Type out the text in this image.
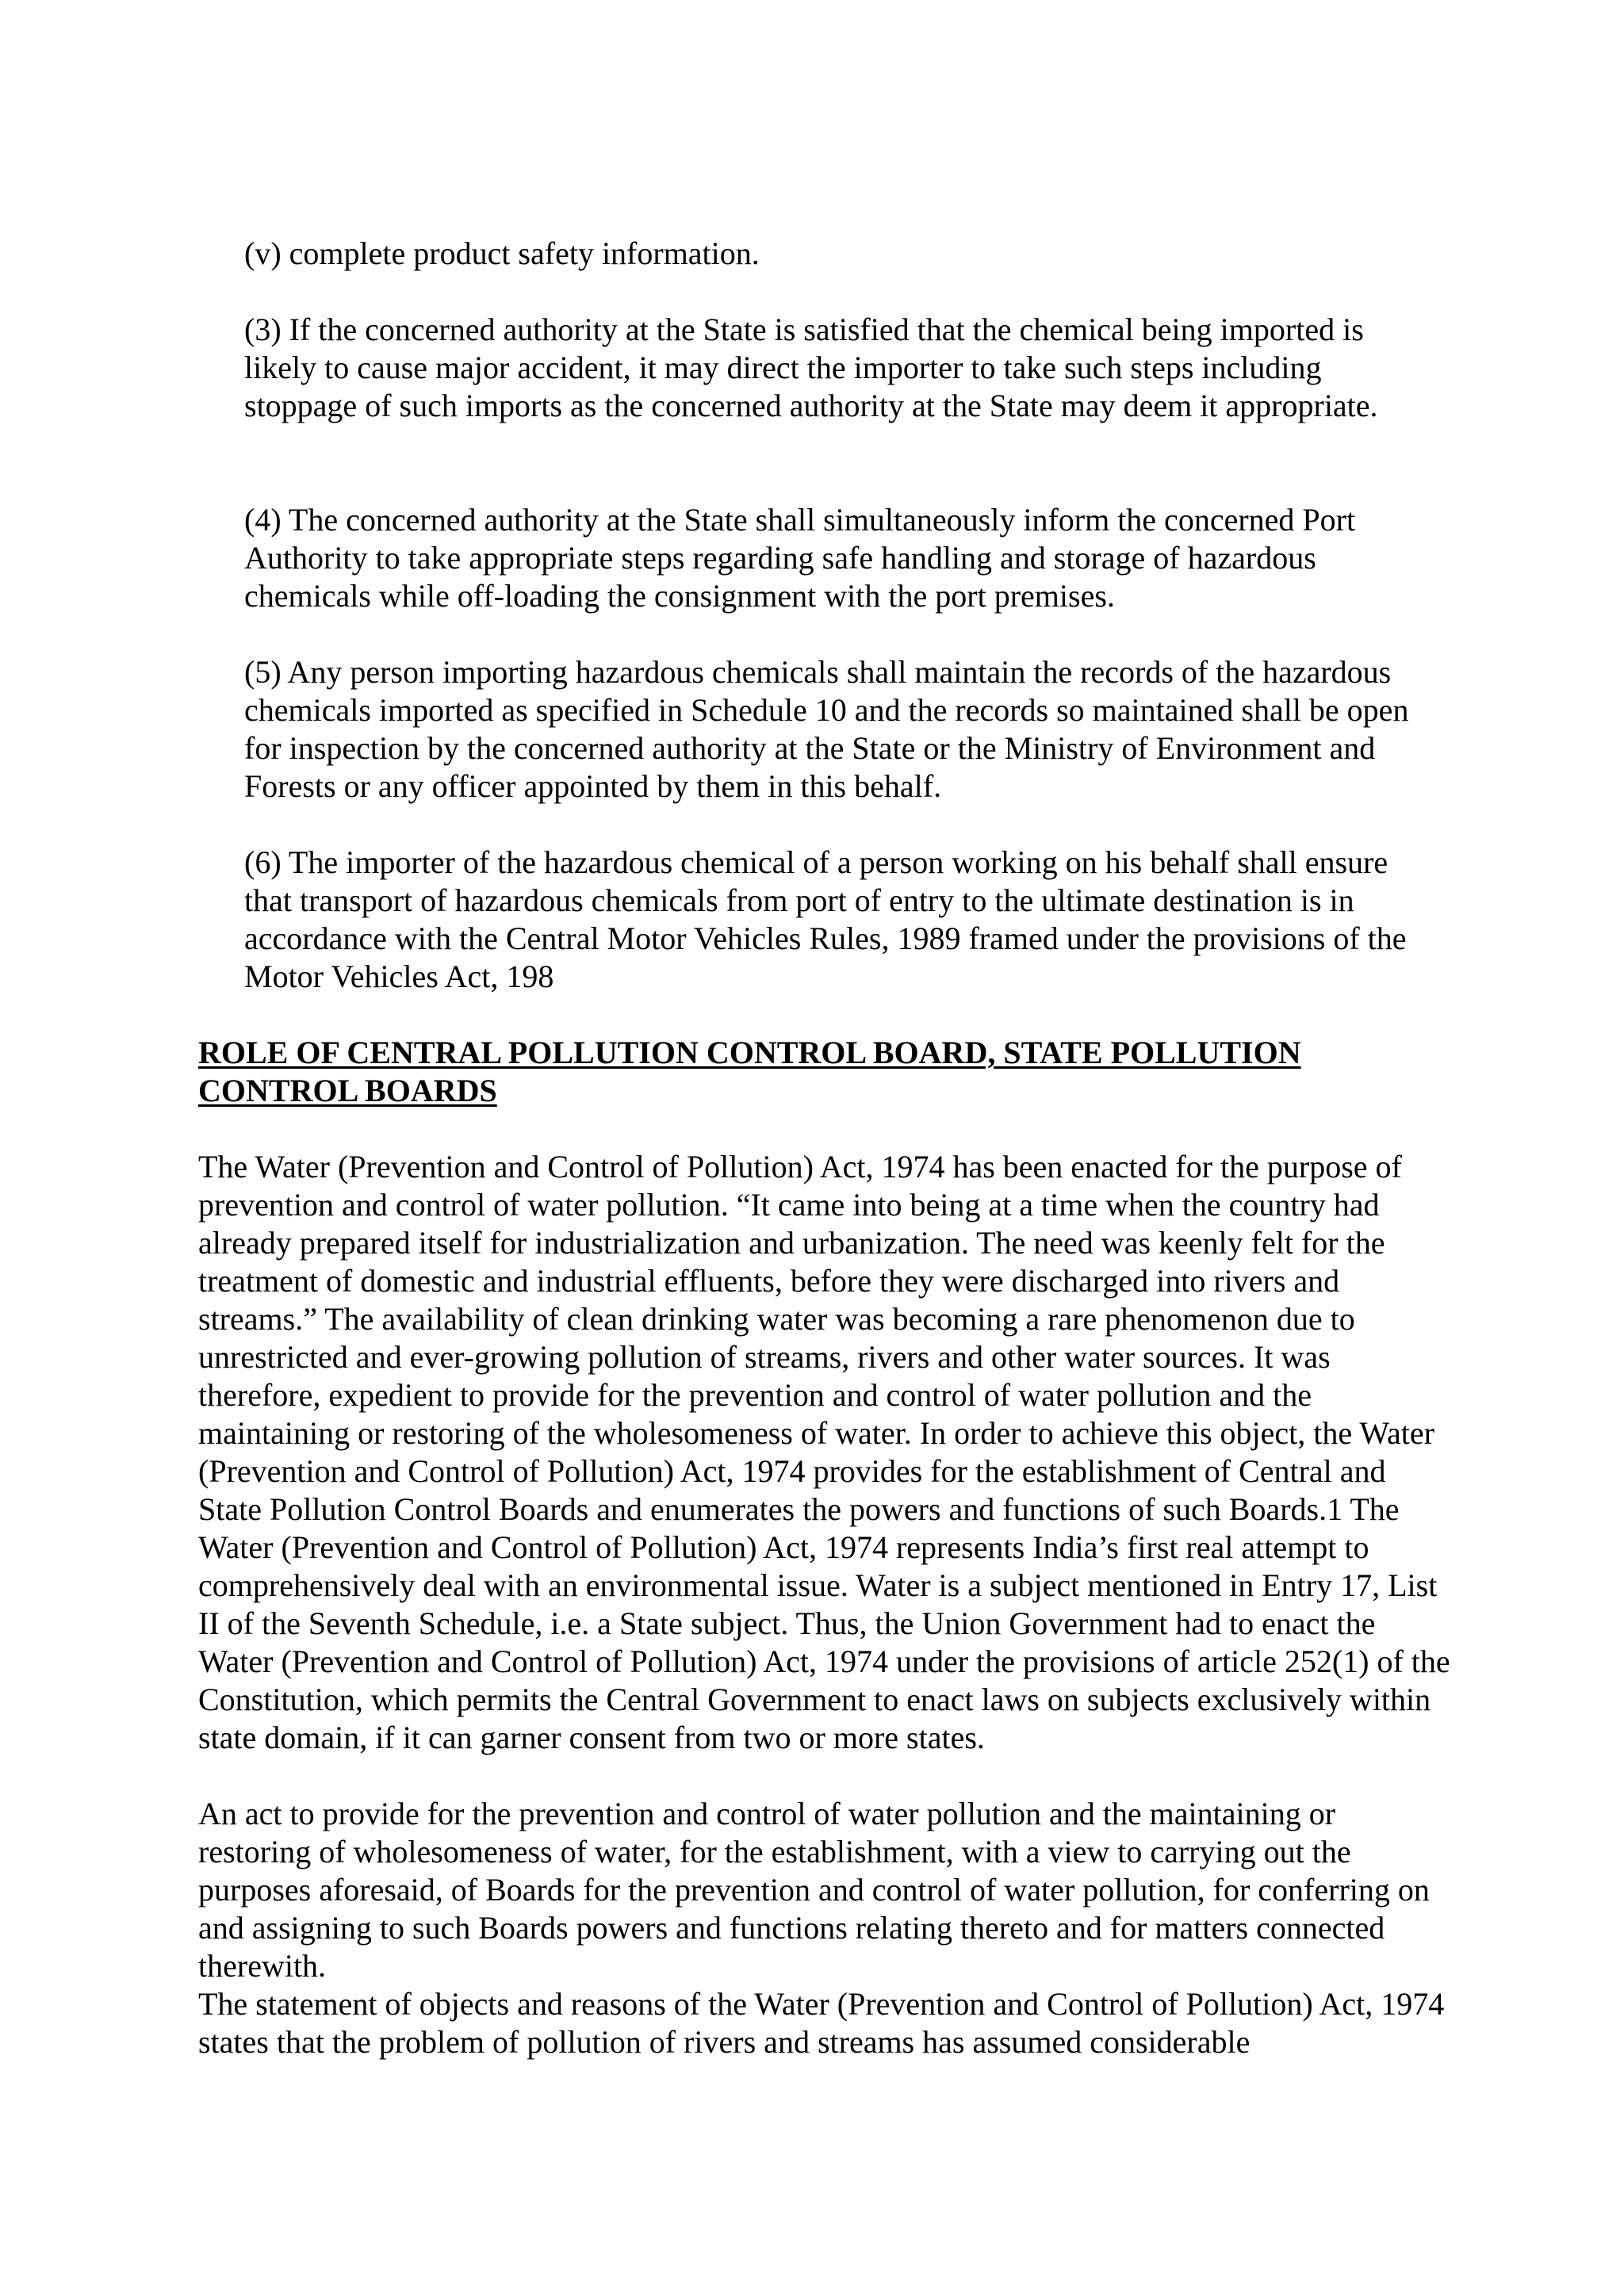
(v) complete product safety information.

(3) If the concerned authority at the State is satisfied that the chemical being imported is likely to cause major accident, it may direct the importer to take such steps including stoppage of such imports as the concerned authority at the State may deem it appropriate.

(4) The concerned authority at the State shall simultaneously inform the concerned Port Authority to take appropriate steps regarding safe handling and storage of hazardous chemicals while off-loading the consignment with the port premises.

(5) Any person importing hazardous chemicals shall maintain the records of the hazardous chemicals imported as specified in Schedule 10 and the records so maintained shall be open for inspection by the concerned authority at the State or the Ministry of Environment and Forests or any officer appointed by them in this behalf.

(6) The importer of the hazardous chemical of a person working on his behalf shall ensure that transport of hazardous chemicals from port of entry to the ultimate destination is in accordance with the Central Motor Vehicles Rules, 1989 framed under the provisions of the Motor Vehicles Act, 198

ROLE OF CENTRAL POLLUTION CONTROL BOARD, STATE POLLUTION CONTROL BOARDS

The Water (Prevention and Control of Pollution) Act, 1974 has been enacted for the purpose of prevention and control of water pollution. “It came into being at a time when the country had already prepared itself for industrialization and urbanization. The need was keenly felt for the treatment of domestic and industrial effluents, before they were discharged into rivers and streams.” The availability of clean drinking water was becoming a rare phenomenon due to unrestricted and ever-growing pollution of streams, rivers and other water sources. It was therefore, expedient to provide for the prevention and control of water pollution and the maintaining or restoring of the wholesomeness of water. In order to achieve this object, the Water (Prevention and Control of Pollution) Act, 1974 provides for the establishment of Central and State Pollution Control Boards and enumerates the powers and functions of such Boards.1 The Water (Prevention and Control of Pollution) Act, 1974 represents India’s first real attempt to comprehensively deal with an environmental issue. Water is a subject mentioned in Entry 17, List II of the Seventh Schedule, i.e. a State subject. Thus, the Union Government had to enact the Water (Prevention and Control of Pollution) Act, 1974 under the provisions of article 252(1) of the Constitution, which permits the Central Government to enact laws on subjects exclusively within state domain, if it can garner consent from two or more states.

An act to provide for the prevention and control of water pollution and the maintaining or restoring of wholesomeness of water, for the establishment, with a view to carrying out the purposes aforesaid, of Boards for the prevention and control of water pollution, for conferring on and assigning to such Boards powers and functions relating thereto and for matters connected therewith.

The statement of objects and reasons of the Water (Prevention and Control of Pollution) Act, 1974 states that the problem of pollution of rivers and streams has assumed considerable
